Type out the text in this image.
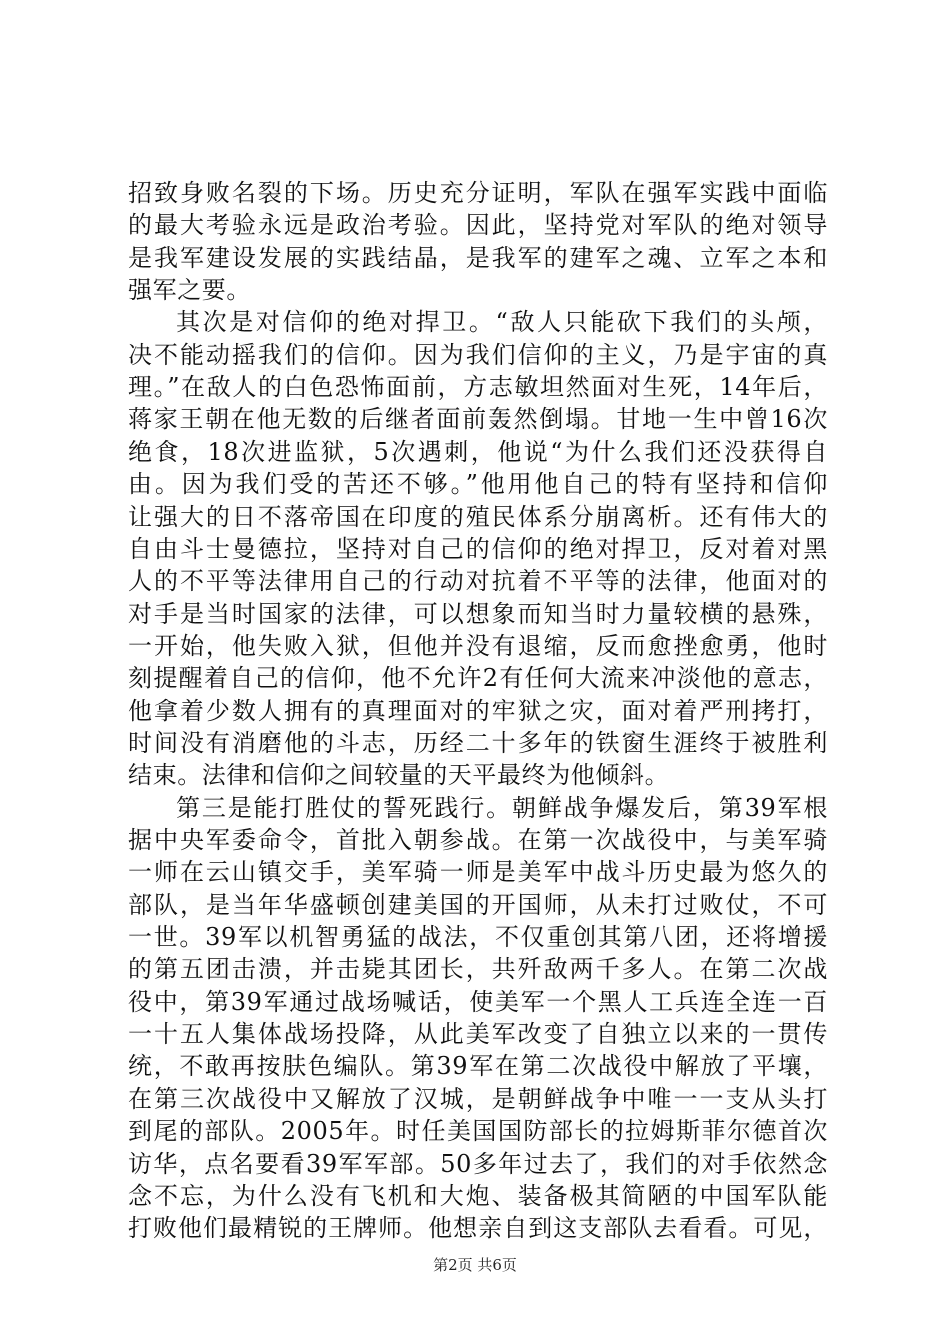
招致身败名裂的下场。历史充分证明，军队在强军实践中面临
的最大考验永远是政治考验。因此，坚持党对军队的绝对领导
是我军建设发展的实践结晶，是我军的建军之魂、立军之本和
强军之要。
其次是对信仰的绝对捍卫。“敌人只能砍下我们的头颅，
决不能动摇我们的信仰。因为我们信仰的主义，乃是宇宙的真
理。”在敌人的白色恐怖面前，方志敏坦然面对生死，14年后，
蒋家王朝在他无数的后继者面前轰然倒塌。甘地一生中曾16次
绝食，18次进监狱，5次遇刺，他说“为什么我们还没获得自
由。因为我们受的苦还不够。”他用他自己的特有坚持和信仰
让强大的日不落帝国在印度的殖民体系分崩离析。还有伟大的
自由斗士曼德拉，坚持对自己的信仰的绝对捍卫，反对着对黑
人的不平等法律用自己的行动对抗着不平等的法律，他面对的
对手是当时国家的法律，可以想象而知当时力量较横的悬殊，
一开始，他失败入狱，但他并没有退缩，反而愈挫愈勇，他时
刻提醒着自己的信仰，他不允许2有任何大流来冲淡他的意志，
他拿着少数人拥有的真理面对的牢狱之灾，面对着严刑拷打，
时间没有消磨他的斗志，历经二十多年的铁窗生涯终于被胜利
结束。法律和信仰之间较量的天平最终为他倾斜。
第三是能打胜仗的誓死践行。朝鲜战争爆发后，第39军根
据中央军委命令，首批入朝参战。在第一次战役中，与美军骑
一师在云山镇交手，美军骑一师是美军中战斗历史最为悠久的
部队，是当年华盛顿创建美国的开国师，从未打过败仗，不可
一世。39军以机智勇猛的战法，不仅重创其第八团，还将增援
的第五团击溃，并击毙其团长，共歼敌两千多人。在第二次战
役中，第39军通过战场喊话，使美军一个黑人工兵连全连一百
一十五人集体战场投降，从此美军改变了自独立以来的一贯传
统，不敢再按肤色编队。第39军在第二次战役中解放了平壤，
在第三次战役中又解放了汉城，是朝鲜战争中唯一一支从头打
到尾的部队。2005年。时任美国国防部长的拉姆斯菲尔德首次
访华，点名要看39军军部。50多年过去了，我们的对手依然念
念不忘，为什么没有飞机和大炮、装备极其简陋的中国军队能
打败他们最精锐的王牌师。他想亲自到这支部队去看看。可见，
第2页 共6页
